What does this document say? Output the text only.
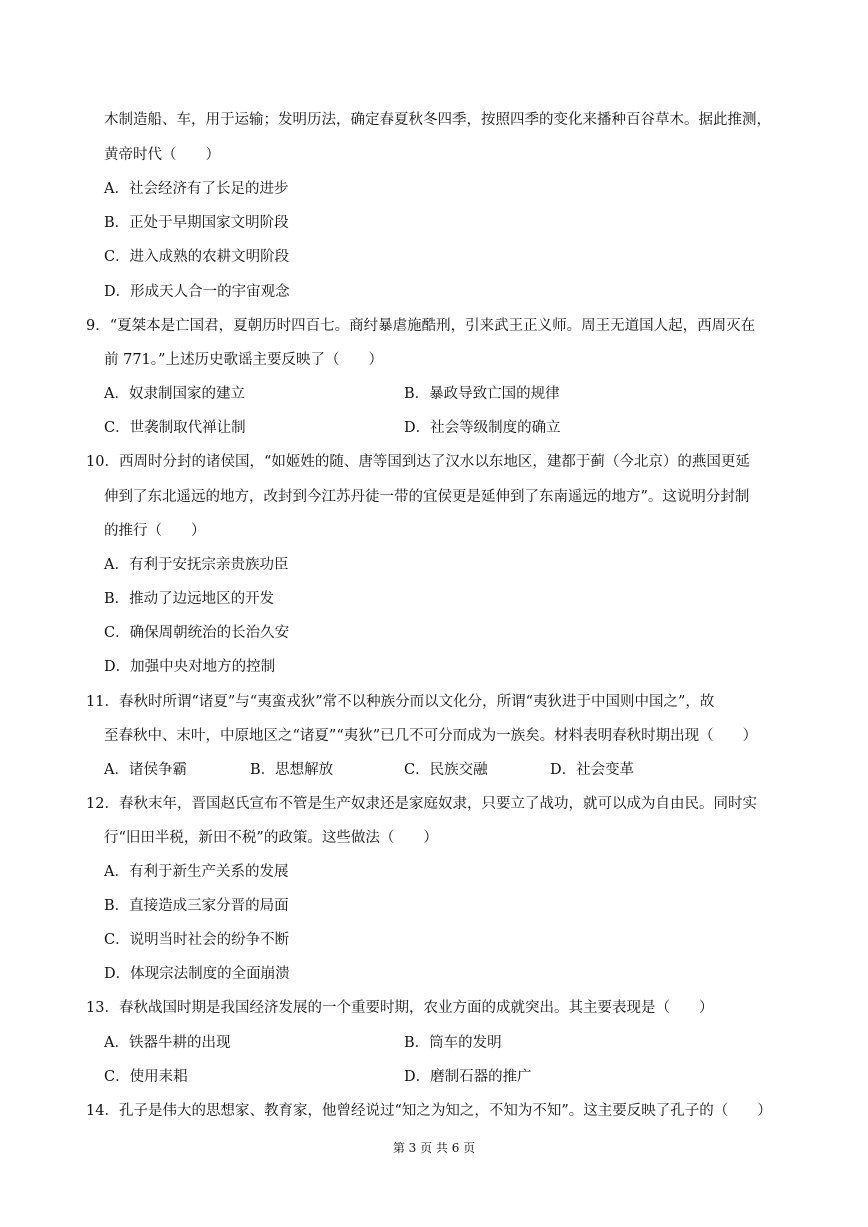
木制造船、车，用于运输；发明历法，确定春夏秋冬四季，按照四季的变化来播种百谷草木。据此推测，
黄帝时代（　　）
A．社会经济有了长足的进步
B．正处于早期国家文明阶段
C．进入成熟的农耕文明阶段
D．形成天人合一的宇宙观念
9．“夏桀本是亡国君，夏朝历时四百七。商纣暴虐施酷刑，引来武王正义师。周王无道国人起，西周灭在
前 771。”上述历史歌谣主要反映了（　　）
A．奴隶制国家的建立	B．暴政导致亡国的规律
C．世袭制取代禅让制	D．社会等级制度的确立
10．西周时分封的诸侯国，“如姬姓的随、唐等国到达了汉水以东地区，建都于蓟（今北京）的燕国更延
伸到了东北遥远的地方，改封到今江苏丹徒一带的宜侯更是延伸到了东南遥远的地方”。这说明分封制
的推行（　　）
A．有利于安抚宗亲贵族功臣
B．推动了边远地区的开发
C．确保周朝统治的长治久安
D．加强中央对地方的控制
11．春秋时所谓“诸夏”与“夷蛮戎狄”常不以种族分而以文化分，所谓“夷狄进于中国则中国之”，故
至春秋中、末叶，中原地区之“诸夏”“夷狄”已几不可分而成为一族矣。材料表明春秋时期出现（　　）
A．诸侯争霸	B．思想解放	C．民族交融	D．社会变革
12．春秋末年，晋国赵氏宣布不管是生产奴隶还是家庭奴隶，只要立了战功，就可以成为自由民。同时实
行“旧田半税，新田不税”的政策。这些做法（　　）
A．有利于新生产关系的发展
B．直接造成三家分晋的局面
C．说明当时社会的纷争不断
D．体现宗法制度的全面崩溃
13．春秋战国时期是我国经济发展的一个重要时期，农业方面的成就突出。其主要表现是（　　）
A．铁器牛耕的出现	B．筒车的发明
C．使用耒耜	D．磨制石器的推广
14．孔子是伟大的思想家、教育家，他曾经说过“知之为知之，不知为不知”。这主要反映了孔子的（　　）
第 3 页 共 6 页
